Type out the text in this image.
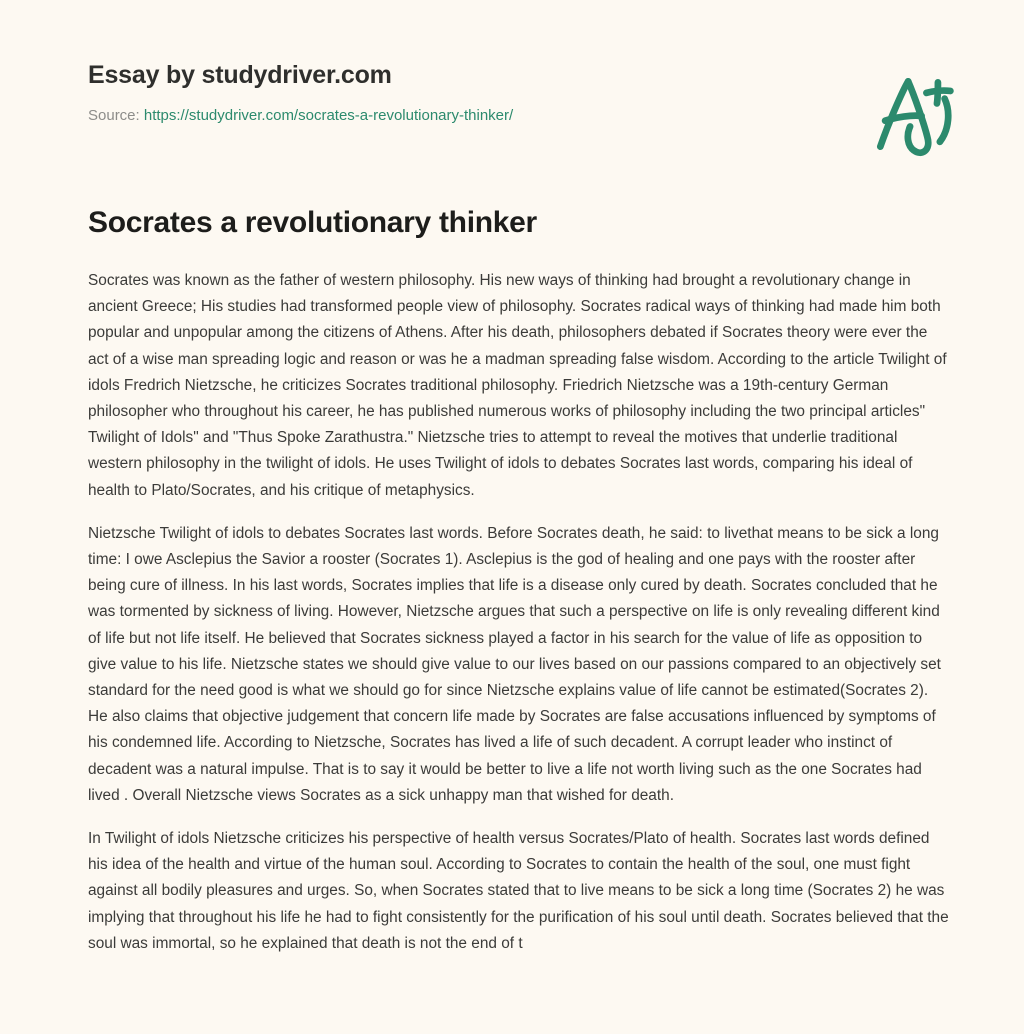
Essay by studydriver.com
Source: https://studydriver.com/socrates-a-revolutionary-thinker/
Socrates a revolutionary thinker

Socrates was known as the father of western philosophy. His new ways of thinking had brought a revolutionary change in ancient Greece; His studies had transformed people view of philosophy. Socrates radical ways of thinking had made him both popular and unpopular among the citizens of Athens. After his death, philosophers debated if Socrates theory were ever the act of a wise man spreading logic and reason or was he a madman spreading false wisdom. According to the article Twilight of idols Fredrich Nietzsche, he criticizes Socrates traditional philosophy. Friedrich Nietzsche was a 19th-century German philosopher who throughout his career, he has published numerous works of philosophy including the two principal articles" Twilight of Idols" and "Thus Spoke Zarathustra." Nietzsche tries to attempt to reveal the motives that underlie traditional western philosophy in the twilight of idols. He uses Twilight of idols to debates Socrates last words, comparing his ideal of health to Plato/Socrates, and his critique of metaphysics.

Nietzsche Twilight of idols to debates Socrates last words. Before Socrates death, he said: to livethat means to be sick a long time: I owe Asclepius the Savior a rooster (Socrates 1). Asclepius is the god of healing and one pays with the rooster after being cure of illness. In his last words, Socrates implies that life is a disease only cured by death. Socrates concluded that he was tormented by sickness of living. However, Nietzsche argues that such a perspective on life is only revealing different kind of life but not life itself. He believed that Socrates sickness played a factor in his search for the value of life as opposition to give value to his life. Nietzsche states we should give value to our lives based on our passions compared to an objectively set standard for the need good is what we should go for since Nietzsche explains value of life cannot be estimated(Socrates 2). He also claims that objective judgement that concern life made by Socrates are false accusations influenced by symptoms of his condemned life. According to Nietzsche, Socrates has lived a life of such decadent. A corrupt leader who instinct of decadent was a natural impulse. That is to say it would be better to live a life not worth living such as the one Socrates had lived . Overall Nietzsche views Socrates as a sick unhappy man that wished for death.

In Twilight of idols Nietzsche criticizes his perspective of health versus Socrates/Plato of health. Socrates last words defined his idea of the health and virtue of the human soul. According to Socrates to contain the health of the soul, one must fight against all bodily pleasures and urges. So, when Socrates stated that to live means to be sick a long time (Socrates 2) he was implying that throughout his life he had to fight consistently for the purification of his soul until death. Socrates believed that the soul was immortal, so he explained that death is not the end of t
